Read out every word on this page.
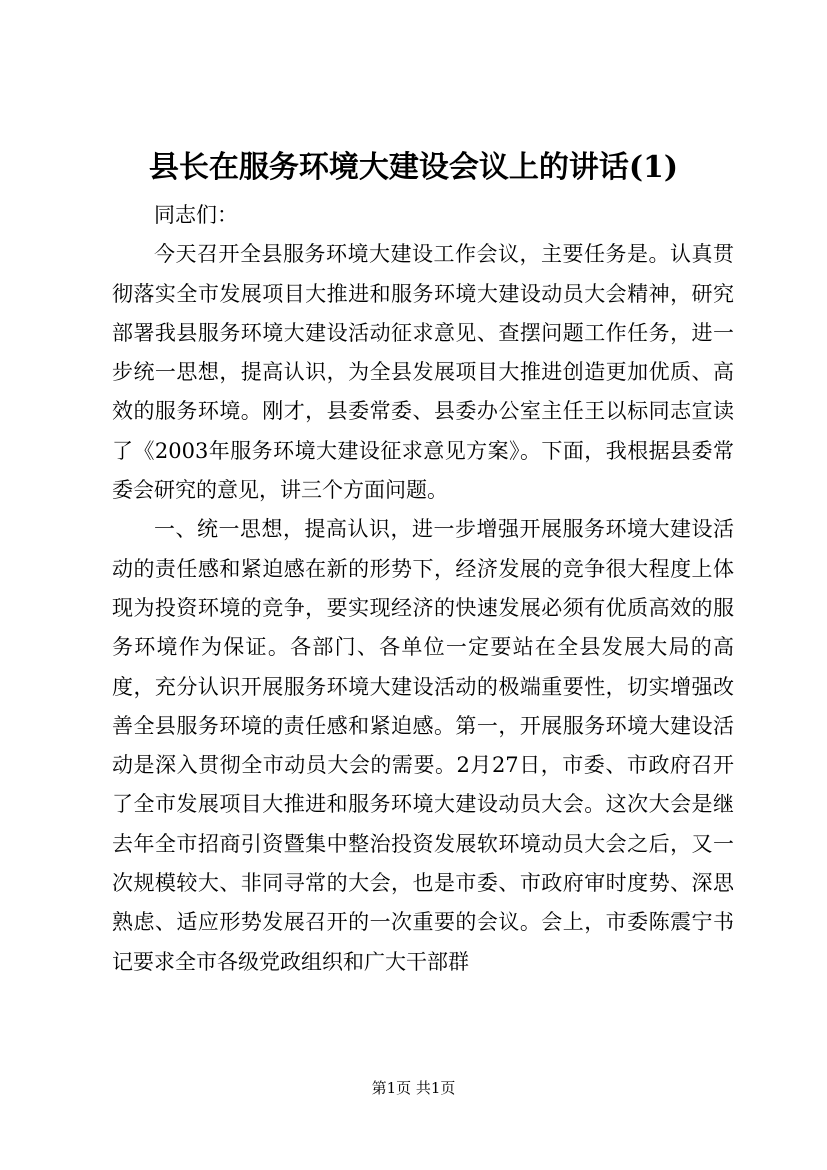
县长在服务环境大建设会议上的讲话(1)

同志们：

今天召开全县服务环境大建设工作会议，主要任务是。认真贯彻落实全市发展项目大推进和服务环境大建设动员大会精神，研究部署我县服务环境大建设活动征求意见、查摆问题工作任务，进一步统一思想，提高认识，为全县发展项目大推进创造更加优质、高效的服务环境。刚才，县委常委、县委办公室主任王以标同志宣读了《2003年服务环境大建设征求意见方案》。下面，我根据县委常委会研究的意见，讲三个方面问题。

一、统一思想，提高认识，进一步增强开展服务环境大建设活动的责任感和紧迫感在新的形势下，经济发展的竞争很大程度上体现为投资环境的竞争，要实现经济的快速发展必须有优质高效的服务环境作为保证。各部门、各单位一定要站在全县发展大局的高度，充分认识开展服务环境大建设活动的极端重要性，切实增强改善全县服务环境的责任感和紧迫感。第一，开展服务环境大建设活动是深入贯彻全市动员大会的需要。2月27日，市委、市政府召开了全市发展项目大推进和服务环境大建设动员大会。这次大会是继去年全市招商引资暨集中整治投资发展软环境动员大会之后，又一次规模较大、非同寻常的大会，也是市委、市政府审时度势、深思熟虑、适应形势发展召开的一次重要的会议。会上，市委陈震宁书记要求全市各级党政组织和广大干部群

第1页 共1页
